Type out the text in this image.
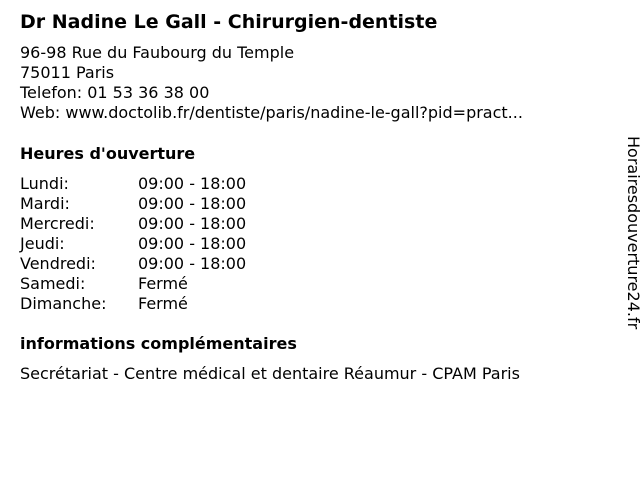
Dr Nadine Le Gall - Chirurgien-dentiste
96-98 Rue du Faubourg du Temple
75011 Paris
Telefon: 01 53 36 38 00
Web: www.doctolib.fr/dentiste/paris/nadine-le-gall?pid=pract...
Heures d'ouverture
Lundi:	09:00 - 18:00
Mardi:	09:00 - 18:00
Mercredi:	09:00 - 18:00
Jeudi:	09:00 - 18:00
Vendredi:	09:00 - 18:00
Samedi:	Fermé
Dimanche:	Fermé
informations complémentaires
Secrétariat - Centre médical et dentaire Réaumur - CPAM Paris
Horairesdouverture24.fr
